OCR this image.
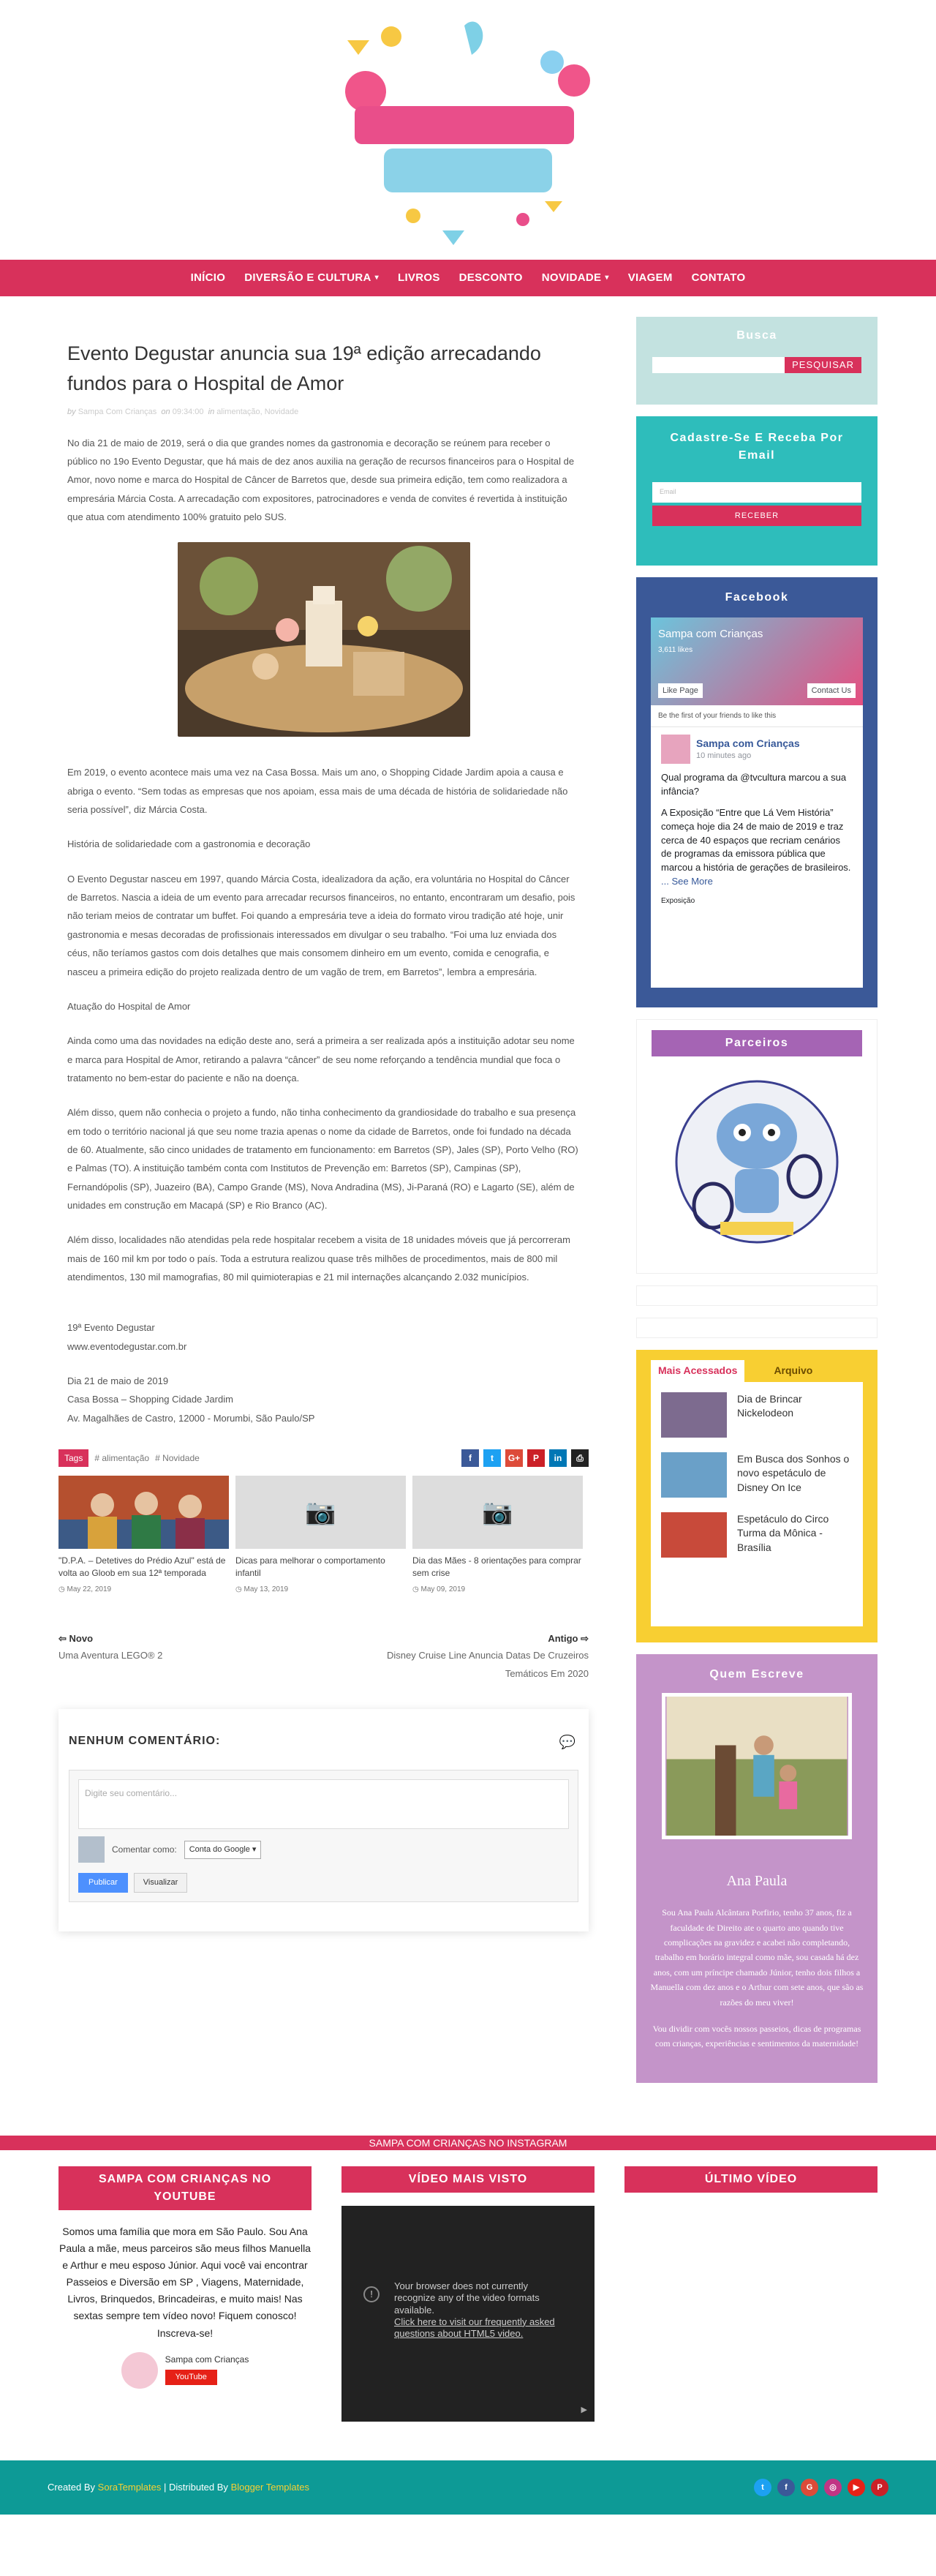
INÍCIO DIVERSÃO E CULTURA ▾ LIVROS DESCONTO NOVIDADE ▾ VIAGEM CONTATO
Evento Degustar anuncia sua 19ª edição arrecadando fundos para o Hospital de Amor
by Sampa Com Crianças on 09:34:00 in alimentação, Novidade

No dia 21 de maio de 2019, será o dia que grandes nomes da gastronomia e decoração se reúnem para receber o público no 19o Evento Degustar, que há mais de dez anos auxilia na geração de recursos financeiros para o Hospital de Amor, novo nome e marca do Hospital de Câncer de Barretos que, desde sua primeira edição, tem como realizadora a empresária Márcia Costa. A arrecadação com expositores, patrocinadores e venda de convites é revertida à instituição que atua com atendimento 100% gratuito pelo SUS.

Em 2019, o evento acontece mais uma vez na Casa Bossa. Mais um ano, o Shopping Cidade Jardim apoia a causa e abriga o evento. “Sem todas as empresas que nos apoiam, essa mais de uma década de história de solidariedade não seria possível”, diz Márcia Costa.

História de solidariedade com a gastronomia e decoração

O Evento Degustar nasceu em 1997, quando Márcia Costa, idealizadora da ação, era voluntária no Hospital do Câncer de Barretos. Nascia a ideia de um evento para arrecadar recursos financeiros, no entanto, encontraram um desafio, pois não teriam meios de contratar um buffet. Foi quando a empresária teve a ideia do formato virou tradição até hoje, unir gastronomia e mesas decoradas de profissionais interessados em divulgar o seu trabalho. “Foi uma luz enviada dos céus, não teríamos gastos com dois detalhes que mais consomem dinheiro em um evento, comida e cenografia, e nasceu a primeira edição do projeto realizada dentro de um vagão de trem, em Barretos”, lembra a empresária.

Atuação do Hospital de Amor

Ainda como uma das novidades na edição deste ano, será a primeira a ser realizada após a instituição adotar seu nome e marca para Hospital de Amor, retirando a palavra “câncer” de seu nome reforçando a tendência mundial que foca o tratamento no bem-estar do paciente e não na doença.

Além disso, quem não conhecia o projeto a fundo, não tinha conhecimento da grandiosidade do trabalho e sua presença em todo o território nacional já que seu nome trazia apenas o nome da cidade de Barretos, onde foi fundado na década de 60. Atualmente, são cinco unidades de tratamento em funcionamento: em Barretos (SP), Jales (SP), Porto Velho (RO) e Palmas (TO). A instituição também conta com Institutos de Prevenção em: Barretos (SP), Campinas (SP), Fernandópolis (SP), Juazeiro (BA), Campo Grande (MS), Nova Andradina (MS), Ji-Paraná (RO) e Lagarto (SE), além de unidades em construção em Macapá (SP) e Rio Branco (AC).

Além disso, localidades não atendidas pela rede hospitalar recebem a visita de 18 unidades móveis que já percorreram mais de 160 mil km por todo o país. Toda a estrutura realizou quase três milhões de procedimentos, mais de 800 mil atendimentos, 130 mil mamografias, 80 mil quimioterapias e 21 mil internações alcançando 2.032 municípios.

19ª Evento Degustar
www.eventodegustar.com.br

Dia 21 de maio de 2019
Casa Bossa – Shopping Cidade Jardim
Av. Magalhães de Castro, 12000 - Morumbi, São Paulo/SP

Tags	# alimentação # Novidade	f	t	G+	P	in	⎙
"D.P.A. – Detetives do Prédio Azul" está de volta ao Gloob em sua 12ª temporada
◷ May 22, 2019
📷
Dicas para melhorar o comportamento infantil
◷ May 13, 2019
📷
Dia das Mães - 8 orientações para comprar sem crise
◷ May 09, 2019
⇦ Novo
Uma Aventura LEGO® 2
Antigo ⇨
Disney Cruise Line Anuncia Datas De Cruzeiros Temáticos Em 2020
NENHUM COMENTÁRIO:	💬
Digite seu comentário...
Comentar como:	Conta do Google ▾
Publicar	Visualizar
Busca
PESQUISAR
Cadastre-Se E Receba Por Email
Email
RECEBER
Facebook
Sampa com Crianças
3,611 likes
Like Page	Contact Us
Be the first of your friends to like this
Sampa com Crianças
10 minutes ago

Qual programa da @tvcultura marcou a sua infância?

A Exposição “Entre que Lá Vem História” começa hoje dia 24 de maio de 2019 e traz cerca de 40 espaços que recriam cenários de programas da emissora pública que marcou a história de gerações de brasileiros. ... See More

Exposição

Parceiros
Mais Acessados	Arquivo
Dia de Brincar Nickelodeon
Em Busca dos Sonhos o novo espetáculo de Disney On Ice
Espetáculo do Circo Turma da Mônica - Brasília
Quem Escreve
Ana Paula

Sou Ana Paula Alcântara Porfirio, tenho 37 anos, fiz a faculdade de Direito ate o quarto ano quando tive complicações na gravidez e acabei não completando, trabalho em horário integral como mãe, sou casada há dez anos, com um príncipe chamado Júnior, tenho dois filhos a Manuella com dez anos e o Arthur com sete anos, que são as razões do meu viver!

Vou dividir com vocês nossos passeios, dicas de programas com crianças, experiências e sentimentos da maternidade!

SAMPA COM CRIANÇAS NO INSTAGRAM
SAMPA COM CRIANÇAS NO YOUTUBE

Somos uma família que mora em São Paulo. Sou Ana Paula a mãe, meus parceiros são meus filhos Manuella e Arthur e meu esposo Júnior. Aqui você vai encontrar Passeios e Diversão em SP , Viagens, Maternidade, Livros, Brinquedos, Brincadeiras, e muito mais! Nas sextas sempre tem vídeo novo! Fiquem conosco! Inscreva-se!

Sampa com Crianças
YouTube
VÍDEO MAIS VISTO
!
Your browser does not currently recognize any of the video formats available.
Click here to visit our frequently asked questions about HTML5 video.
▶
ÚLTIMO VÍDEO
Created By SoraTemplates | Distributed By Blogger Templates	t	f	G	◎	▶	P
